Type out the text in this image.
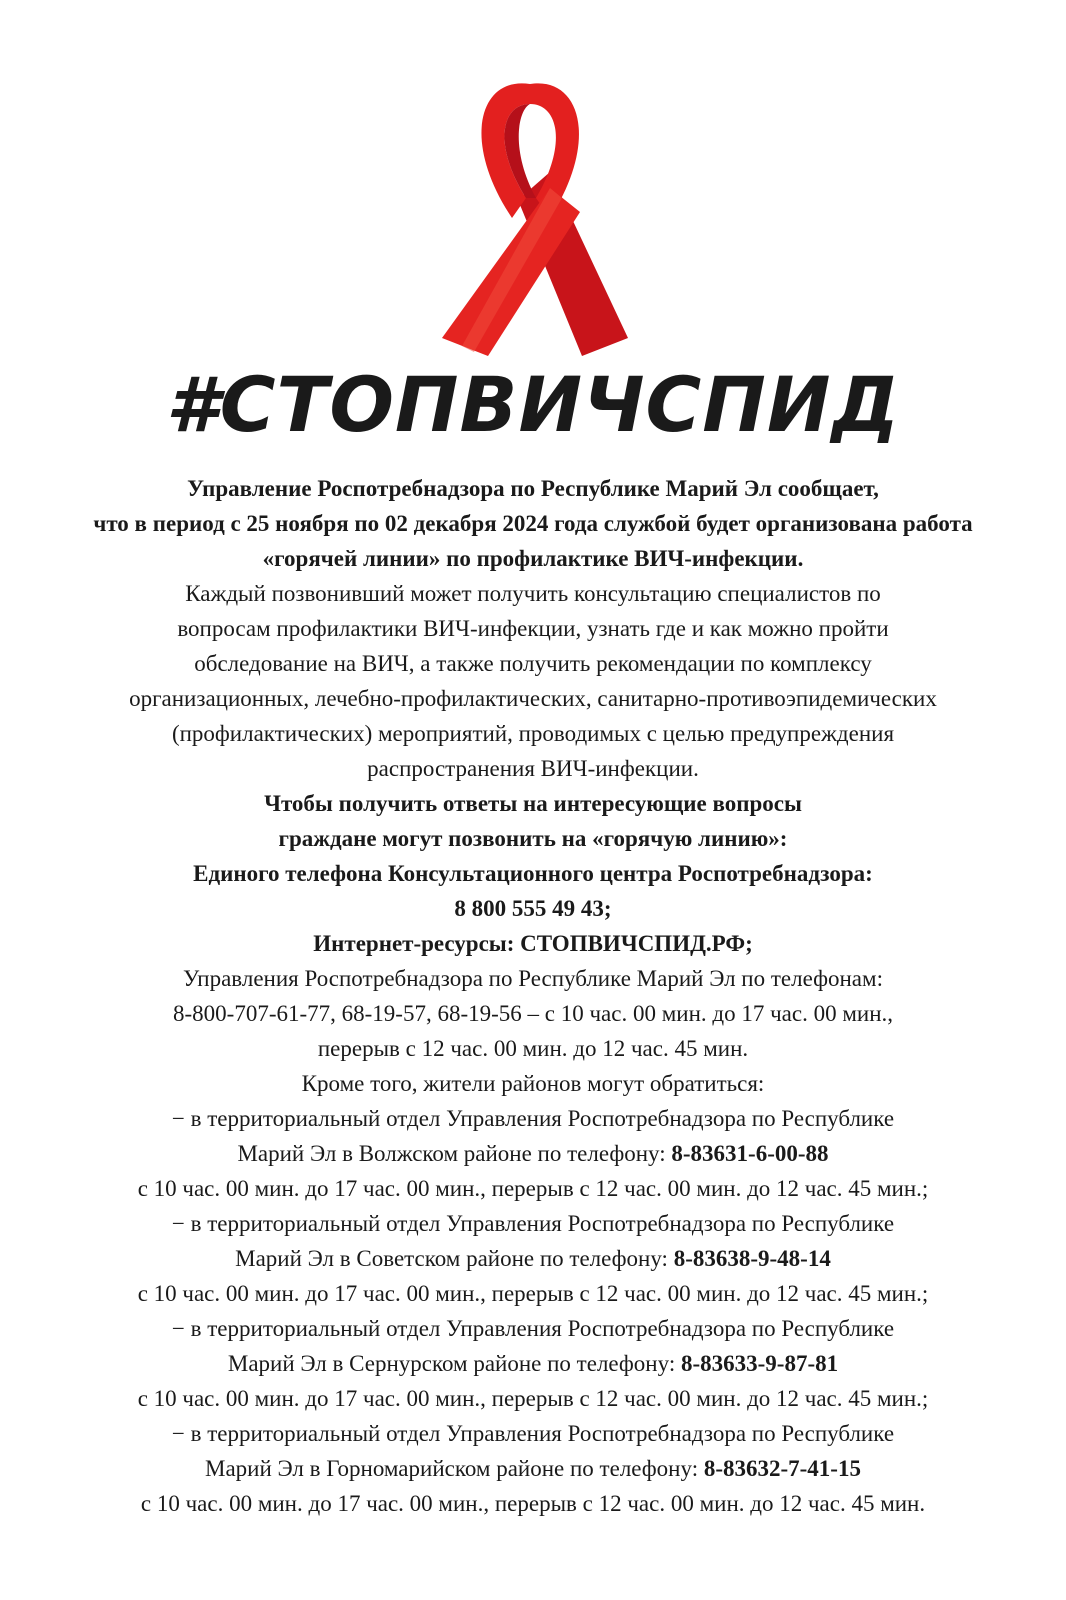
#СТОПВИЧСПИД

Управление Роспотребнадзора по Республике Марий Эл сообщает,

что в период с 25 ноября по 02 декабря 2024 года службой будет организована работа

«горячей линии» по профилактике ВИЧ-инфекции.

Каждый позвонивший может получить консультацию специалистов по

вопросам профилактики ВИЧ-инфекции, узнать где и как можно пройти

обследование на ВИЧ, а также получить рекомендации по комплексу

организационных, лечебно-профилактических, санитарно-противоэпидемических

(профилактических) мероприятий, проводимых с целью предупреждения

распространения ВИЧ-инфекции.

Чтобы получить ответы на интересующие вопросы

граждане могут позвонить на «горячую линию»:

Единого телефона Консультационного центра Роспотребнадзора:

8 800 555 49 43;

Интернет-ресурсы: СТОПВИЧСПИД.РФ;

Управления Роспотребнадзора по Республике Марий Эл по телефонам:

8-800-707-61-77, 68-19-57, 68-19-56 – с 10 час. 00 мин. до 17 час. 00 мин.,

перерыв с 12 час. 00 мин. до 12 час. 45 мин.

Кроме того, жители районов могут обратиться:

− в территориальный отдел Управления Роспотребнадзора по Республике

Марий Эл в Волжском районе по телефону: 8-83631-6-00-88

с 10 час. 00 мин. до 17 час. 00 мин., перерыв с 12 час. 00 мин. до 12 час. 45 мин.;

− в территориальный отдел Управления Роспотребнадзора по Республике

Марий Эл в Советском районе по телефону: 8-83638-9-48-14

с 10 час. 00 мин. до 17 час. 00 мин., перерыв с 12 час. 00 мин. до 12 час. 45 мин.;

− в территориальный отдел Управления Роспотребнадзора по Республике

Марий Эл в Сернурском районе по телефону: 8-83633-9-87-81

с 10 час. 00 мин. до 17 час. 00 мин., перерыв с 12 час. 00 мин. до 12 час. 45 мин.;

− в территориальный отдел Управления Роспотребнадзора по Республике

Марий Эл в Горномарийском районе по телефону: 8-83632-7-41-15

с 10 час. 00 мин. до 17 час. 00 мин., перерыв с 12 час. 00 мин. до 12 час. 45 мин.
